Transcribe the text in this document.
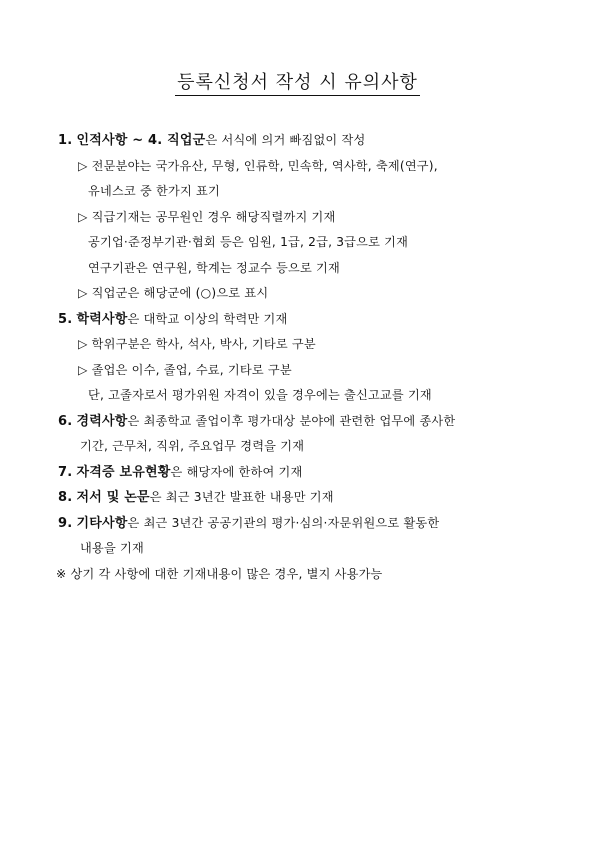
등록신청서 작성 시 유의사항
1. 인적사항 ~ 4. 직업군은 서식에 의거 빠짐없이 작성
▷ 전문분야는 국가유산, 무형, 인류학, 민속학, 역사학, 축제(연구),
유네스코 중 한가지 표기
▷ 직급기재는 공무원인 경우 해당직렬까지 기재
공기업·준정부기관·협회 등은 임원, 1급, 2급, 3급으로 기재
연구기관은 연구원, 학계는 정교수 등으로 기재
▷ 직업군은 해당군에 (○)으로 표시
5. 학력사항은 대학교 이상의 학력만 기재
▷ 학위구분은 학사, 석사, 박사, 기타로 구분
▷ 졸업은 이수, 졸업, 수료, 기타로 구분
단, 고졸자로서 평가위원 자격이 있을 경우에는 출신고교를 기재
6. 경력사항은 최종학교 졸업이후 평가대상 분야에 관련한 업무에 종사한
기간, 근무처, 직위, 주요업무 경력을 기재
7. 자격증 보유현황은 해당자에 한하여 기재
8. 저서 및 논문은 최근 3년간 발표한 내용만 기재
9. 기타사항은 최근 3년간 공공기관의 평가·심의·자문위원으로 활동한
내용을 기재
※ 상기 각 사항에 대한 기재내용이 많은 경우, 별지 사용가능
